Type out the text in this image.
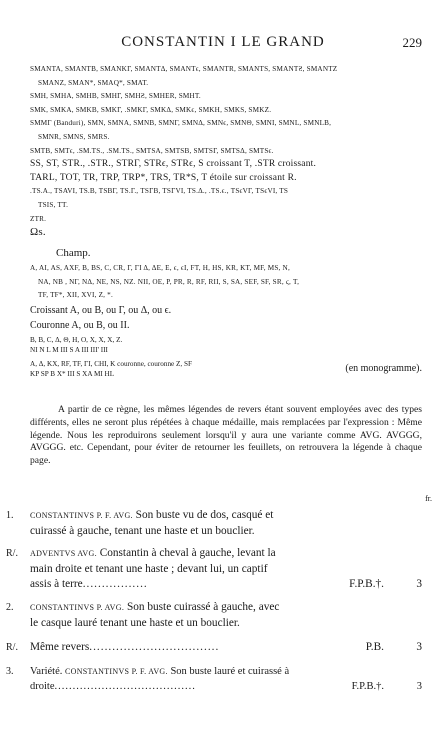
CONSTANTIN I LE GRAND	229

SMANTA, SMANTB, SMANKΓ, SMANTΔ, SMANTϵ, SMANTR, SMANTS, SMANTƧ, SMANTZ

SMANZ, SMAN*, SMAQ*, SMAT.

SMH, SMHA, SMHB, SMHΓ, SMHƧ, SMHER, SMHT.

SMK, SMKA, SMKB, SMKΓ, .SMKΓ, SMKΔ, SMKϵ, SMKH, SMKS, SMKZ.

SMMΓ (Banduri), SMN, SMNA, SMNB, SMNΓ, SMNΔ, SMNϵ, SMNΘ, SMNΙ, SMNL, SMNLB,

SMNR, SMNS, SMRS.

SMTB, SMTϵ, .SM.TS., .SM.TS., SMTSA, SMTSB, SMTSΓ, SMTSΔ, SMTSϵ.

SS, ST, STR., .STR., STRΓ, STRϵ, STRϵ, S croissant T, .STR croissant.

TARL, TOT, TR, TRP, TRP*, TRS, TR*S, T étoile sur croissant R.

.TS.A., TSAVI, TS.B, TSBΓ, TS.Γ., TSΓB, TSΓVI, TS.Δ., .TS.ϵ., TSϵVΓ, TSϵVI, TS

TSIS, TT.

ZTR.

Ωs.

Champ.

A, AI, AS, AXF, B, BS, C, CR, Γ, ΓΙ Δ, ΔE, E, ϵ, ϵΙ, FT, H, HS, KR, KT, MF, MS, N,

NA, NB , NΓ, NΔ, NE, NS, NZ. NΙΙ, OE, P, PR, R, RF, RΙΙ, S, SA, SEF, SF, SR, ϛ, T,

TF, TF*, XΙΙ, XVI, Z, *.

Croissant A, ou B, ou Γ, ou Δ, ou ϵ.
Couronne A, ou B, ou ΙΙ.
B, B, C, Δ, Θ, H, O, X, X, X, Z.
NI N L M III S A III III' III
A, Δ, KX, RF, TF, ΓΙ, CHI, K couronne, couronne Z, SF
KP SP B X* III S XA MI HL	(en monogramme).

A partir de ce règne, les mêmes légendes de revers étant souvent employées avec des types différents, elles ne seront plus répétées à chaque médaille, mais remplacées par l'expression : Même légende. Nous les reproduirons seulement lorsqu'il y aura une variante comme AVG. AVGGG, AVGGG. etc. Cependant, pour éviter de retourner les feuillets, on retrouvera la légende à chaque page.

fr.
1. CONSTANTINVS P. F. AVG. Son buste vu de dos, casqué et
cuirassé à gauche, tenant une haste et un bouclier.
R/. ADVENTVS AVG. Constantin à cheval à gauche, levant la
main droite et tenant une haste ; devant lui, un captif
assis à terre.................	F.P.B.†.	3
2. CONSTANTINVS P. AVG. Son buste cuirassé à gauche, avec
le casque lauré tenant une haste et un bouclier.
R/. Même revers..................................	P.B.	3
3. Variété. CONSTANTINVS P. F. AVG. Son buste lauré et cuirassé à
droite.......................................	F.P.B.†.	3
